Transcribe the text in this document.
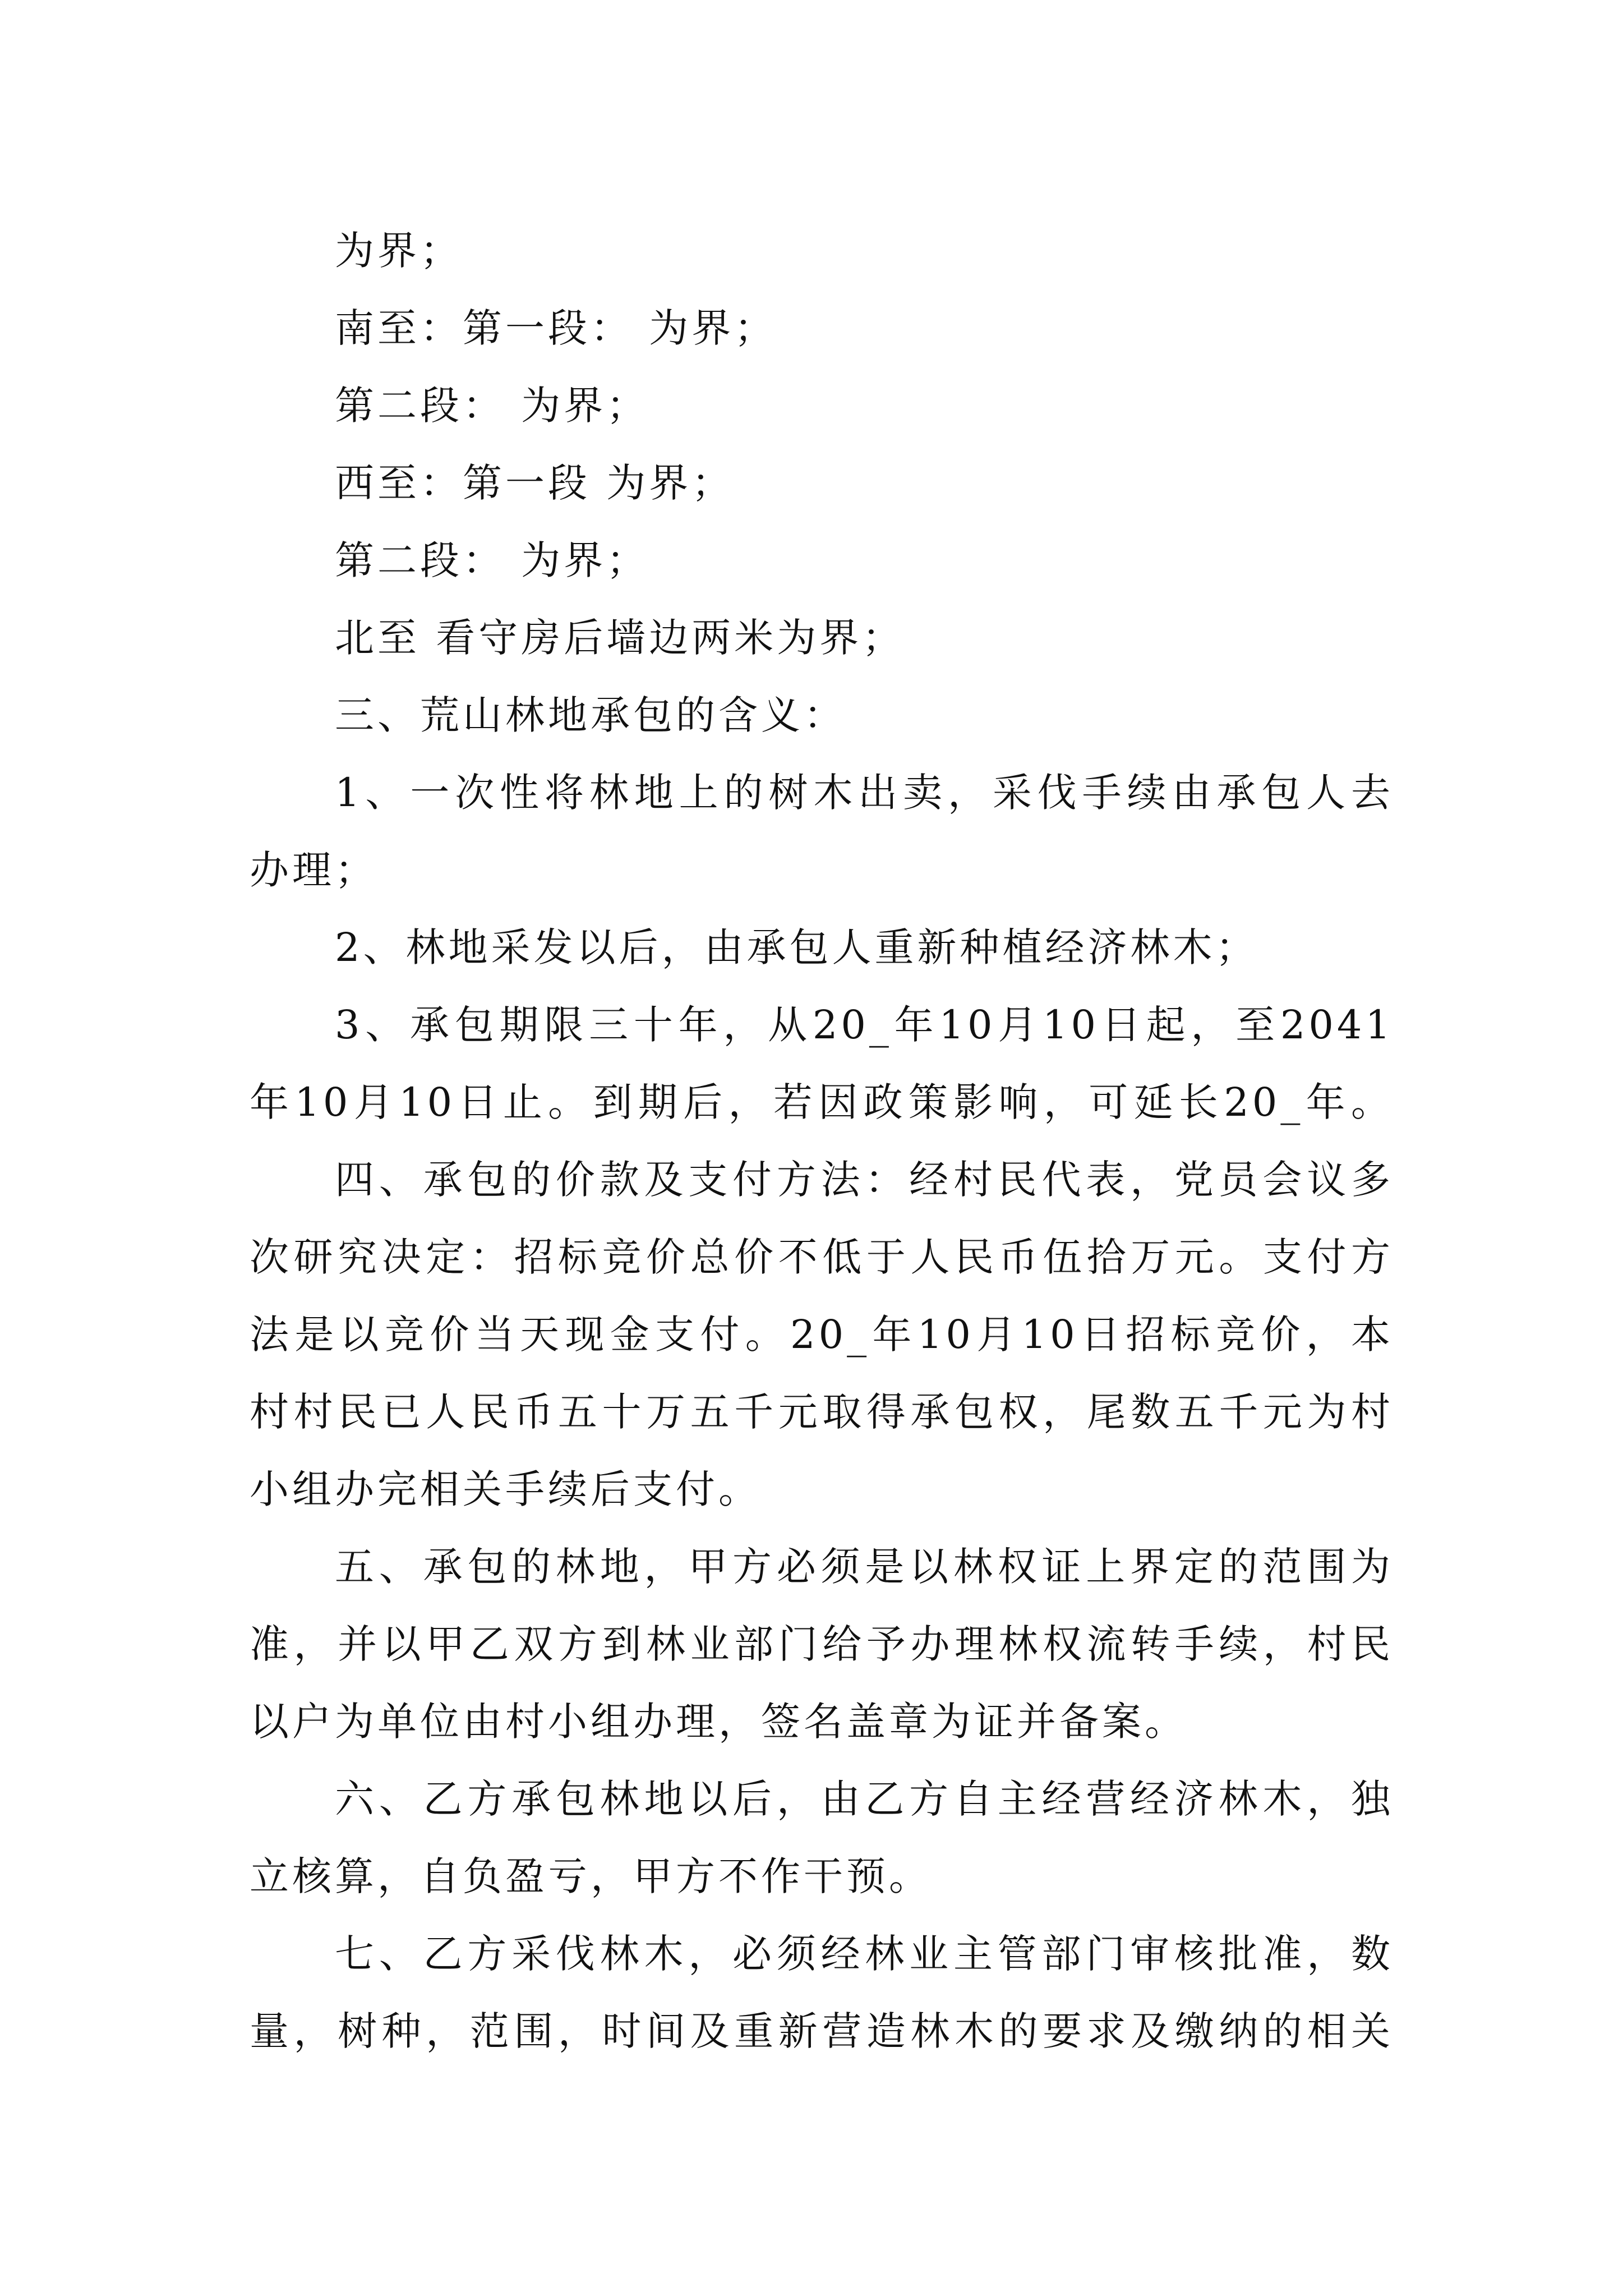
为界；
南至：第一段： 为界；
第二段： 为界；
西至：第一段 为界；
第二段： 为界；
北至 看守房后墙边两米为界；
三、荒山林地承包的含义：
1、一次性将林地上的树木出卖，采伐手续由承包人去
办理；
2、林地采发以后，由承包人重新种植经济林木；
3、承包期限三十年，从20_年10月10日起，至2041
年10月10日止。到期后，若因政策影响，可延长20_年。
四、承包的价款及支付方法：经村民代表，党员会议多
次研究决定：招标竞价总价不低于人民币伍拾万元。支付方
法是以竞价当天现金支付。20_年10月10日招标竞价，本
村村民已人民币五十万五千元取得承包权，尾数五千元为村
小组办完相关手续后支付。
五、承包的林地，甲方必须是以林权证上界定的范围为
准，并以甲乙双方到林业部门给予办理林权流转手续，村民
以户为单位由村小组办理，签名盖章为证并备案。
六、乙方承包林地以后，由乙方自主经营经济林木，独
立核算，自负盈亏，甲方不作干预。
七、乙方采伐林木，必须经林业主管部门审核批准，数
量，树种，范围，时间及重新营造林木的要求及缴纳的相关
